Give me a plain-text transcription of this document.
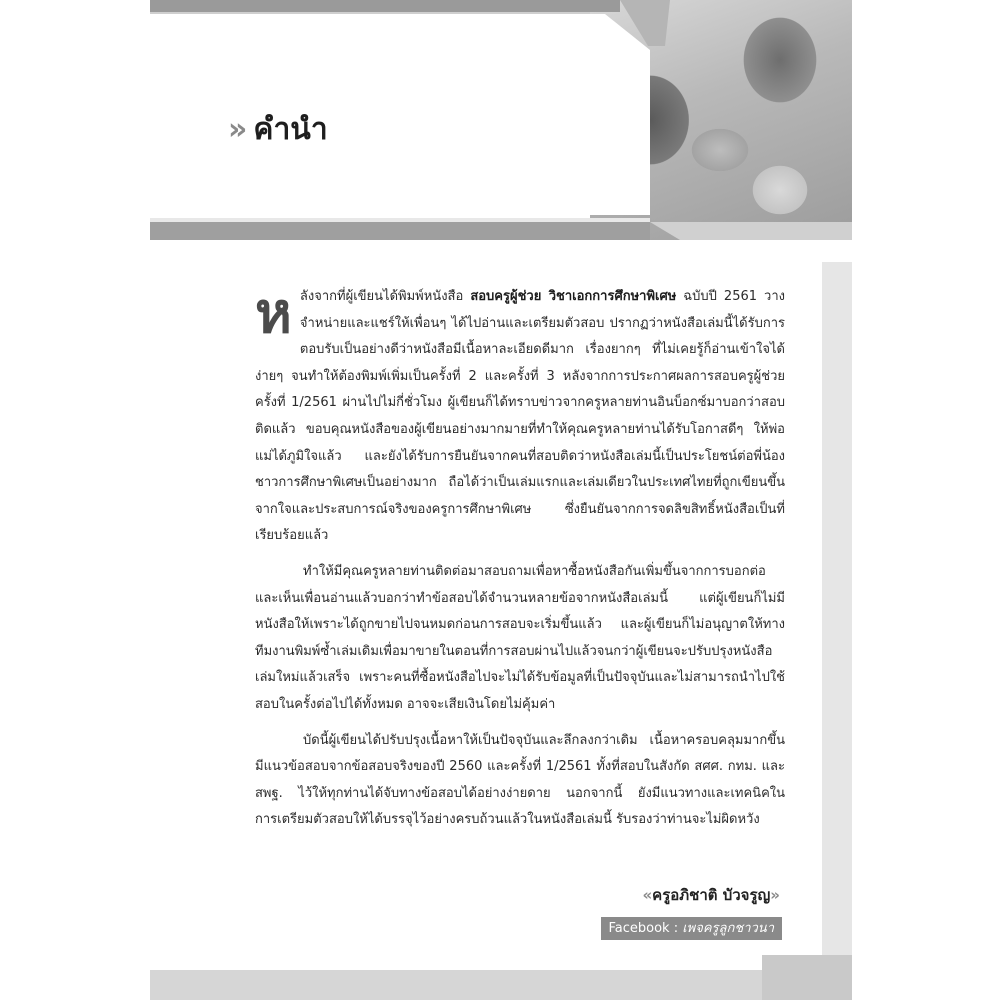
» คำนำ

หลังจากที่ผู้เขียนได้พิมพ์หนังสือ สอบครูผู้ช่วย วิชาเอกการศึกษาพิเศษ ฉบับปี 2561 วางจำหน่ายและแชร์ให้เพื่อนๆ ได้ไปอ่านและเตรียมตัวสอบ ปรากฏว่าหนังสือเล่มนี้ได้รับการตอบรับเป็นอย่างดีว่าหนังสือมีเนื้อหาละเอียดดีมาก เรื่องยากๆ ที่ไม่เคยรู้ก็อ่านเข้าใจได้ง่ายๆ จนทำให้ต้องพิมพ์เพิ่มเป็นครั้งที่ 2 และครั้งที่ 3 หลังจากการประกาศผลการสอบครูผู้ช่วยครั้งที่ 1/2561 ผ่านไปไม่กี่ชั่วโมง ผู้เขียนก็ได้ทราบข่าวจากครูหลายท่านอินบ็อกซ์มาบอกว่าสอบติดแล้ว ขอบคุณหนังสือของผู้เขียนอย่างมากมายที่ทำให้คุณครูหลายท่านได้รับโอกาสดีๆ ให้พ่อแม่ได้ภูมิใจแล้ว และยังได้รับการยืนยันจากคนที่สอบติดว่าหนังสือเล่มนี้เป็นประโยชน์ต่อพี่น้องชาวการศึกษาพิเศษเป็นอย่างมาก ถือได้ว่าเป็นเล่มแรกและเล่มเดียวในประเทศไทยที่ถูกเขียนขึ้นจากใจและประสบการณ์จริงของครูการศึกษาพิเศษ ซึ่งยืนยันจากการจดลิขสิทธิ์หนังสือเป็นที่เรียบร้อยแล้ว

ทำให้มีคุณครูหลายท่านติดต่อมาสอบถามเพื่อหาซื้อหนังสือกันเพิ่มขึ้นจากการบอกต่อ และเห็นเพื่อนอ่านแล้วบอกว่าทำข้อสอบได้จำนวนหลายข้อจากหนังสือเล่มนี้ แต่ผู้เขียนก็ไม่มีหนังสือให้เพราะได้ถูกขายไปจนหมดก่อนการสอบจะเริ่มขึ้นแล้ว และผู้เขียนก็ไม่อนุญาตให้ทางทีมงานพิมพ์ซ้ำเล่มเดิมเพื่อมาขายในตอนที่การสอบผ่านไปแล้วจนกว่าผู้เขียนจะปรับปรุงหนังสือเล่มใหม่แล้วเสร็จ เพราะคนที่ซื้อหนังสือไปจะไม่ได้รับข้อมูลที่เป็นปัจจุบันและไม่สามารถนำไปใช้สอบในครั้งต่อไปได้ทั้งหมด อาจจะเสียเงินโดยไม่คุ้มค่า

บัดนี้ผู้เขียนได้ปรับปรุงเนื้อหาให้เป็นปัจจุบันและลึกลงกว่าเดิม เนื้อหาครอบคลุมมากขึ้น มีแนวข้อสอบจากข้อสอบจริงของปี 2560 และครั้งที่ 1/2561 ทั้งที่สอบในสังกัด สศศ. กทม. และ สพฐ. ไว้ให้ทุกท่านได้จับทางข้อสอบได้อย่างง่ายดาย นอกจากนี้ ยังมีแนวทางและเทคนิคในการเตรียมตัวสอบให้ได้บรรจุไว้อย่างครบถ้วนแล้วในหนังสือเล่มนี้ รับรองว่าท่านจะไม่ผิดหวัง

«ครูอภิชาติ บัวจรูญ»
Facebook : เพจครูลูกชาวนา
